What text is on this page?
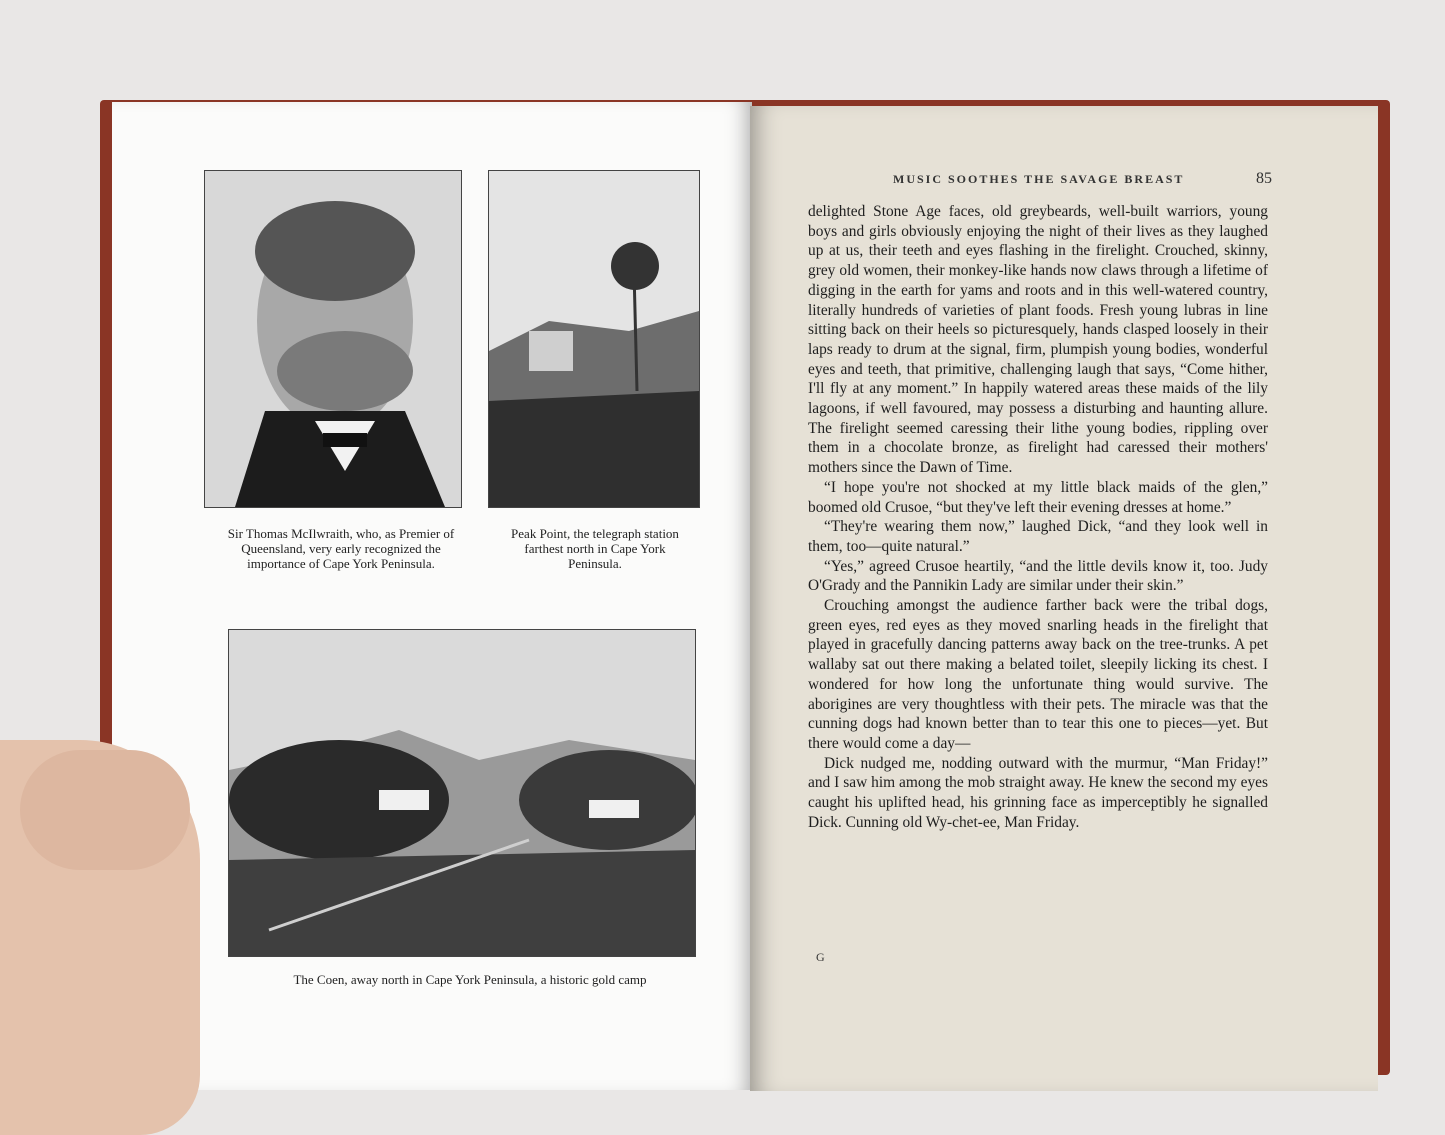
Sir Thomas McIlwraith, who, as Premier of Queensland, very early recognized the importance of Cape York Peninsula.
Peak Point, the telegraph station farthest north in Cape York Peninsula.
The Coen, away north in Cape York Peninsula, a historic gold camp
MUSIC SOOTHES THE SAVAGE BREAST	85

delighted Stone Age faces, old greybeards, well-built warriors, young boys and girls obviously enjoying the night of their lives as they laughed up at us, their teeth and eyes flashing in the firelight. Crouched, skinny, grey old women, their monkey-like hands now claws through a lifetime of digging in the earth for yams and roots and in this well-watered country, literally hundreds of varieties of plant foods. Fresh young lubras in line sitting back on their heels so picturesquely, hands clasped loosely in their laps ready to drum at the signal, firm, plumpish young bodies, wonderful eyes and teeth, that primitive, challenging laugh that says, “Come hither, I'll fly at any moment.” In happily watered areas these maids of the lily lagoons, if well favoured, may possess a disturbing and haunting allure. The firelight seemed caressing their lithe young bodies, rippling over them in a chocolate bronze, as firelight had caressed their mothers' mothers since the Dawn of Time.

“I hope you're not shocked at my little black maids of the glen,” boomed old Crusoe, “but they've left their evening dresses at home.”

“They're wearing them now,” laughed Dick, “and they look well in them, too—quite natural.”

“Yes,” agreed Crusoe heartily, “and the little devils know it, too. Judy O'Grady and the Pannikin Lady are similar under their skin.”

Crouching amongst the audience farther back were the tribal dogs, green eyes, red eyes as they moved snarling heads in the firelight that played in gracefully dancing patterns away back on the tree-trunks. A pet wallaby sat out there making a belated toilet, sleepily licking its chest. I wondered for how long the unfortunate thing would survive. The aborigines are very thoughtless with their pets. The miracle was that the cunning dogs had known better than to tear this one to pieces—yet. But there would come a day—

Dick nudged me, nodding outward with the murmur, “Man Friday!” and I saw him among the mob straight away. He knew the second my eyes caught his uplifted head, his grinning face as imperceptibly he signalled Dick. Cunning old Wy-chet-ee, Man Friday.

G
